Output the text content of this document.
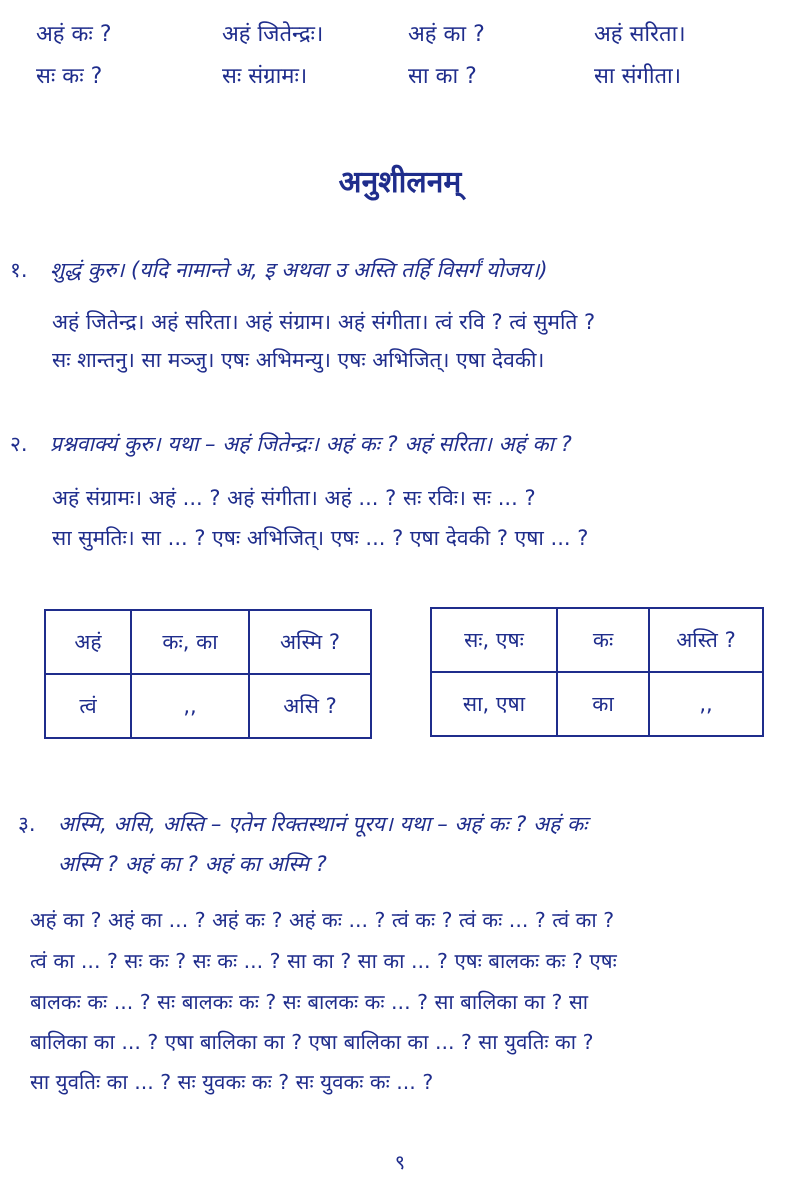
अहं कः ?	अहं जितेन्द्रः।	अहं का ?	अहं सरिता।
सः कः ?	सः संग्रामः।	सा का ?	सा संगीता।
अनुशीलनम्
१. शुद्धं कुरु। (यदि नामान्ते अ, इ अथवा उ अस्ति तर्हि विसर्गं योजय।)
अहं जितेन्द्र। अहं सरिता। अहं संग्राम। अहं संगीता। त्वं रवि ? त्वं सुमति ?
सः शान्तनु। सा मञ्जु। एषः अभिमन्यु। एषः अभिजित्। एषा देवकी।
२. प्रश्नवाक्यं कुरु। यथा – अहं जितेन्द्रः। अहं कः ? अहं सरिता। अहं का ?
अहं संग्रामः। अहं ... ? अहं संगीता। अहं ... ? सः रविः। सः ... ?
सा सुमतिः। सा ... ? एषः अभिजित्। एषः ... ? एषा देवकी ? एषा ... ?
अहं	कः, का	अस्मि ?
त्वं	,,	असि ?
सः, एषः	कः	अस्ति ?
सा, एषा	का	,,
३. अस्मि, असि, अस्ति – एतेन रिक्तस्थानं पूरय। यथा – अहं कः ? अहं कः
अस्मि ? अहं का ? अहं का अस्मि ?
अहं का ? अहं का ... ? अहं कः ? अहं कः ... ? त्वं कः ? त्वं कः ... ? त्वं का ?
त्वं का ... ? सः कः ? सः कः ... ? सा का ? सा का ... ? एषः बालकः कः ? एषः
बालकः कः ... ? सः बालकः कः ? सः बालकः कः ... ? सा बालिका का ? सा
बालिका का ... ? एषा बालिका का ? एषा बालिका का ... ? सा युवतिः का ?
सा युवतिः का ... ? सः युवकः कः ? सः युवकः कः ... ?
९
